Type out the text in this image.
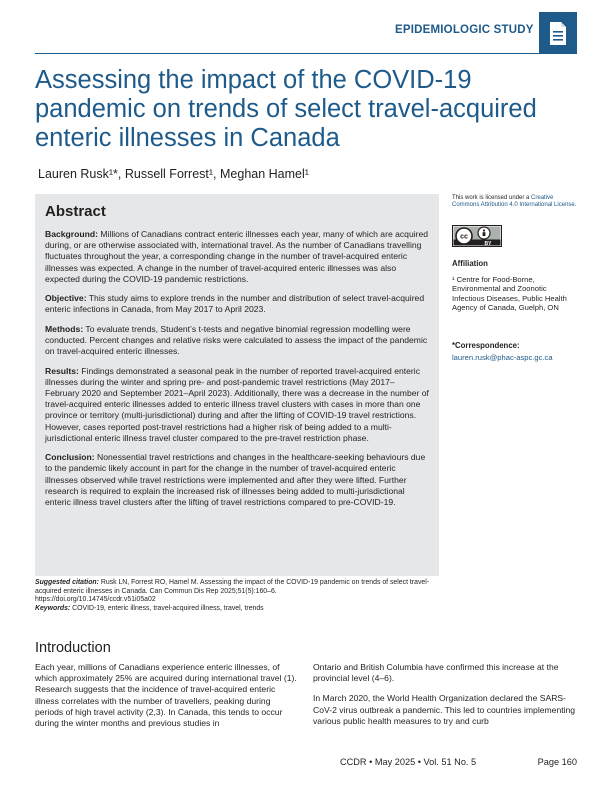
EPIDEMIOLOGIC STUDY
Assessing the impact of the COVID-19 pandemic on trends of select travel-acquired enteric illnesses in Canada
Lauren Rusk¹*, Russell Forrest¹, Meghan Hamel¹
Abstract

Background: Millions of Canadians contract enteric illnesses each year, many of which are acquired during, or are otherwise associated with, international travel. As the number of Canadians travelling fluctuates throughout the year, a corresponding change in the number of travel-acquired enteric illnesses was expected. A change in the number of travel-acquired enteric illnesses was also expected during the COVID-19 pandemic restrictions.

Objective: This study aims to explore trends in the number and distribution of select travel-acquired enteric infections in Canada, from May 2017 to April 2023.

Methods: To evaluate trends, Student’s t-tests and negative binomial regression modelling were conducted. Percent changes and relative risks were calculated to assess the impact of the pandemic on travel-acquired enteric illnesses.

Results: Findings demonstrated a seasonal peak in the number of reported travel-acquired enteric illnesses during the winter and spring pre- and post-pandemic travel restrictions (May 2017–February 2020 and September 2021–April 2023). Additionally, there was a decrease in the number of travel-acquired enteric illnesses added to enteric illness travel clusters with cases in more than one province or territory (multi-jurisdictional) during and after the lifting of COVID-19 travel restrictions. However, cases reported post-travel restrictions had a higher risk of being added to a multi-jurisdictional enteric illness travel cluster compared to the pre-travel restriction phase.

Conclusion: Nonessential travel restrictions and changes in the healthcare-seeking behaviours due to the pandemic likely account in part for the change in the number of travel-acquired enteric illnesses observed while travel restrictions were implemented and after they were lifted. Further research is required to explain the increased risk of illnesses being added to multi-jurisdictional enteric illness travel clusters after the lifting of travel restrictions compared to pre-COVID-19.

This work is licensed under a Creative Commons Attribution 4.0 International License.
cc
BY
Affiliation
¹ Centre for Food-Borne, Environmental and Zoonotic Infectious Diseases, Public Health Agency of Canada, Guelph, ON
*Correspondence:
lauren.rusk@phac-aspc.gc.ca
Suggested citation: Rusk LN, Forrest RO, Hamel M. Assessing the impact of the COVID-19 pandemic on trends of select travel-acquired enteric illnesses in Canada. Can Commun Dis Rep 2025;51(5):160–6.
https://doi.org/10.14745/ccdr.v51i05a02
Keywords: COVID-19, enteric illness, travel-acquired illness, travel, trends
Introduction

Each year, millions of Canadians experience enteric illnesses, of which approximately 25% are acquired during international travel (1). Research suggests that the incidence of travel-acquired enteric illness correlates with the number of travellers, peaking during periods of high travel activity (2,3). In Canada, this tends to occur during the winter months and previous studies in

Ontario and British Columbia have confirmed this increase at the provincial level (4–6).

In March 2020, the World Health Organization declared the SARS-CoV-2 virus outbreak a pandemic. This led to countries implementing various public health measures to try and curb

CCDR • May 2025 • Vol. 51 No. 5	Page 160
